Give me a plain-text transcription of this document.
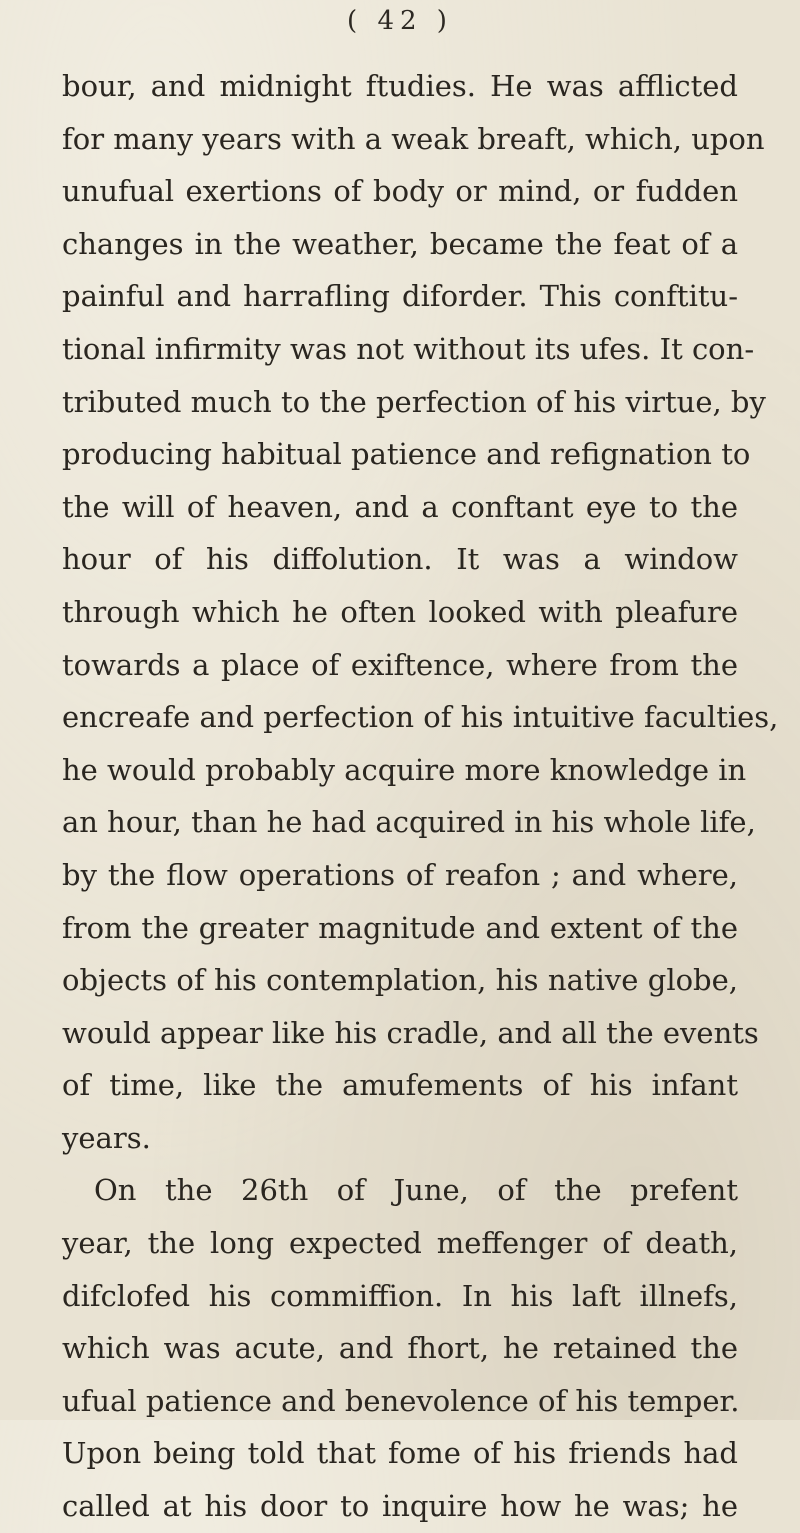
( 42 )
bour, and midnight ftudies. He was afflicted
for many years with a weak breaft, which, upon
unufual exertions of body or mind, or fudden
changes in the weather, became the feat of a
painful and harrafling diforder. This conftitu-
tional infirmity was not without its ufes. It con-
tributed much to the perfection of his virtue, by
producing habitual patience and refignation to
the will of heaven, and a conftant eye to the
hour of his diffolution. It was a window
through which he often looked with pleafure
towards a place of exiftence, where from the
encreafe and perfection of his intuitive faculties,
he would probably acquire more knowledge in
an hour, than he had acquired in his whole life,
by the flow operations of reafon ; and where,
from the greater magnitude and extent of the
objects of his contemplation, his native globe,
would appear like his cradle, and all the events
of time, like the amufements of his infant
years.
On the 26th of June, of the prefent
year, the long expected meffenger of death,
difclofed his commiffion. In his laft illnefs,
which was acute, and fhort, he retained the
ufual patience and benevolence of his temper.
Upon being told that fome of his friends had
called at his door to inquire how he was; he
